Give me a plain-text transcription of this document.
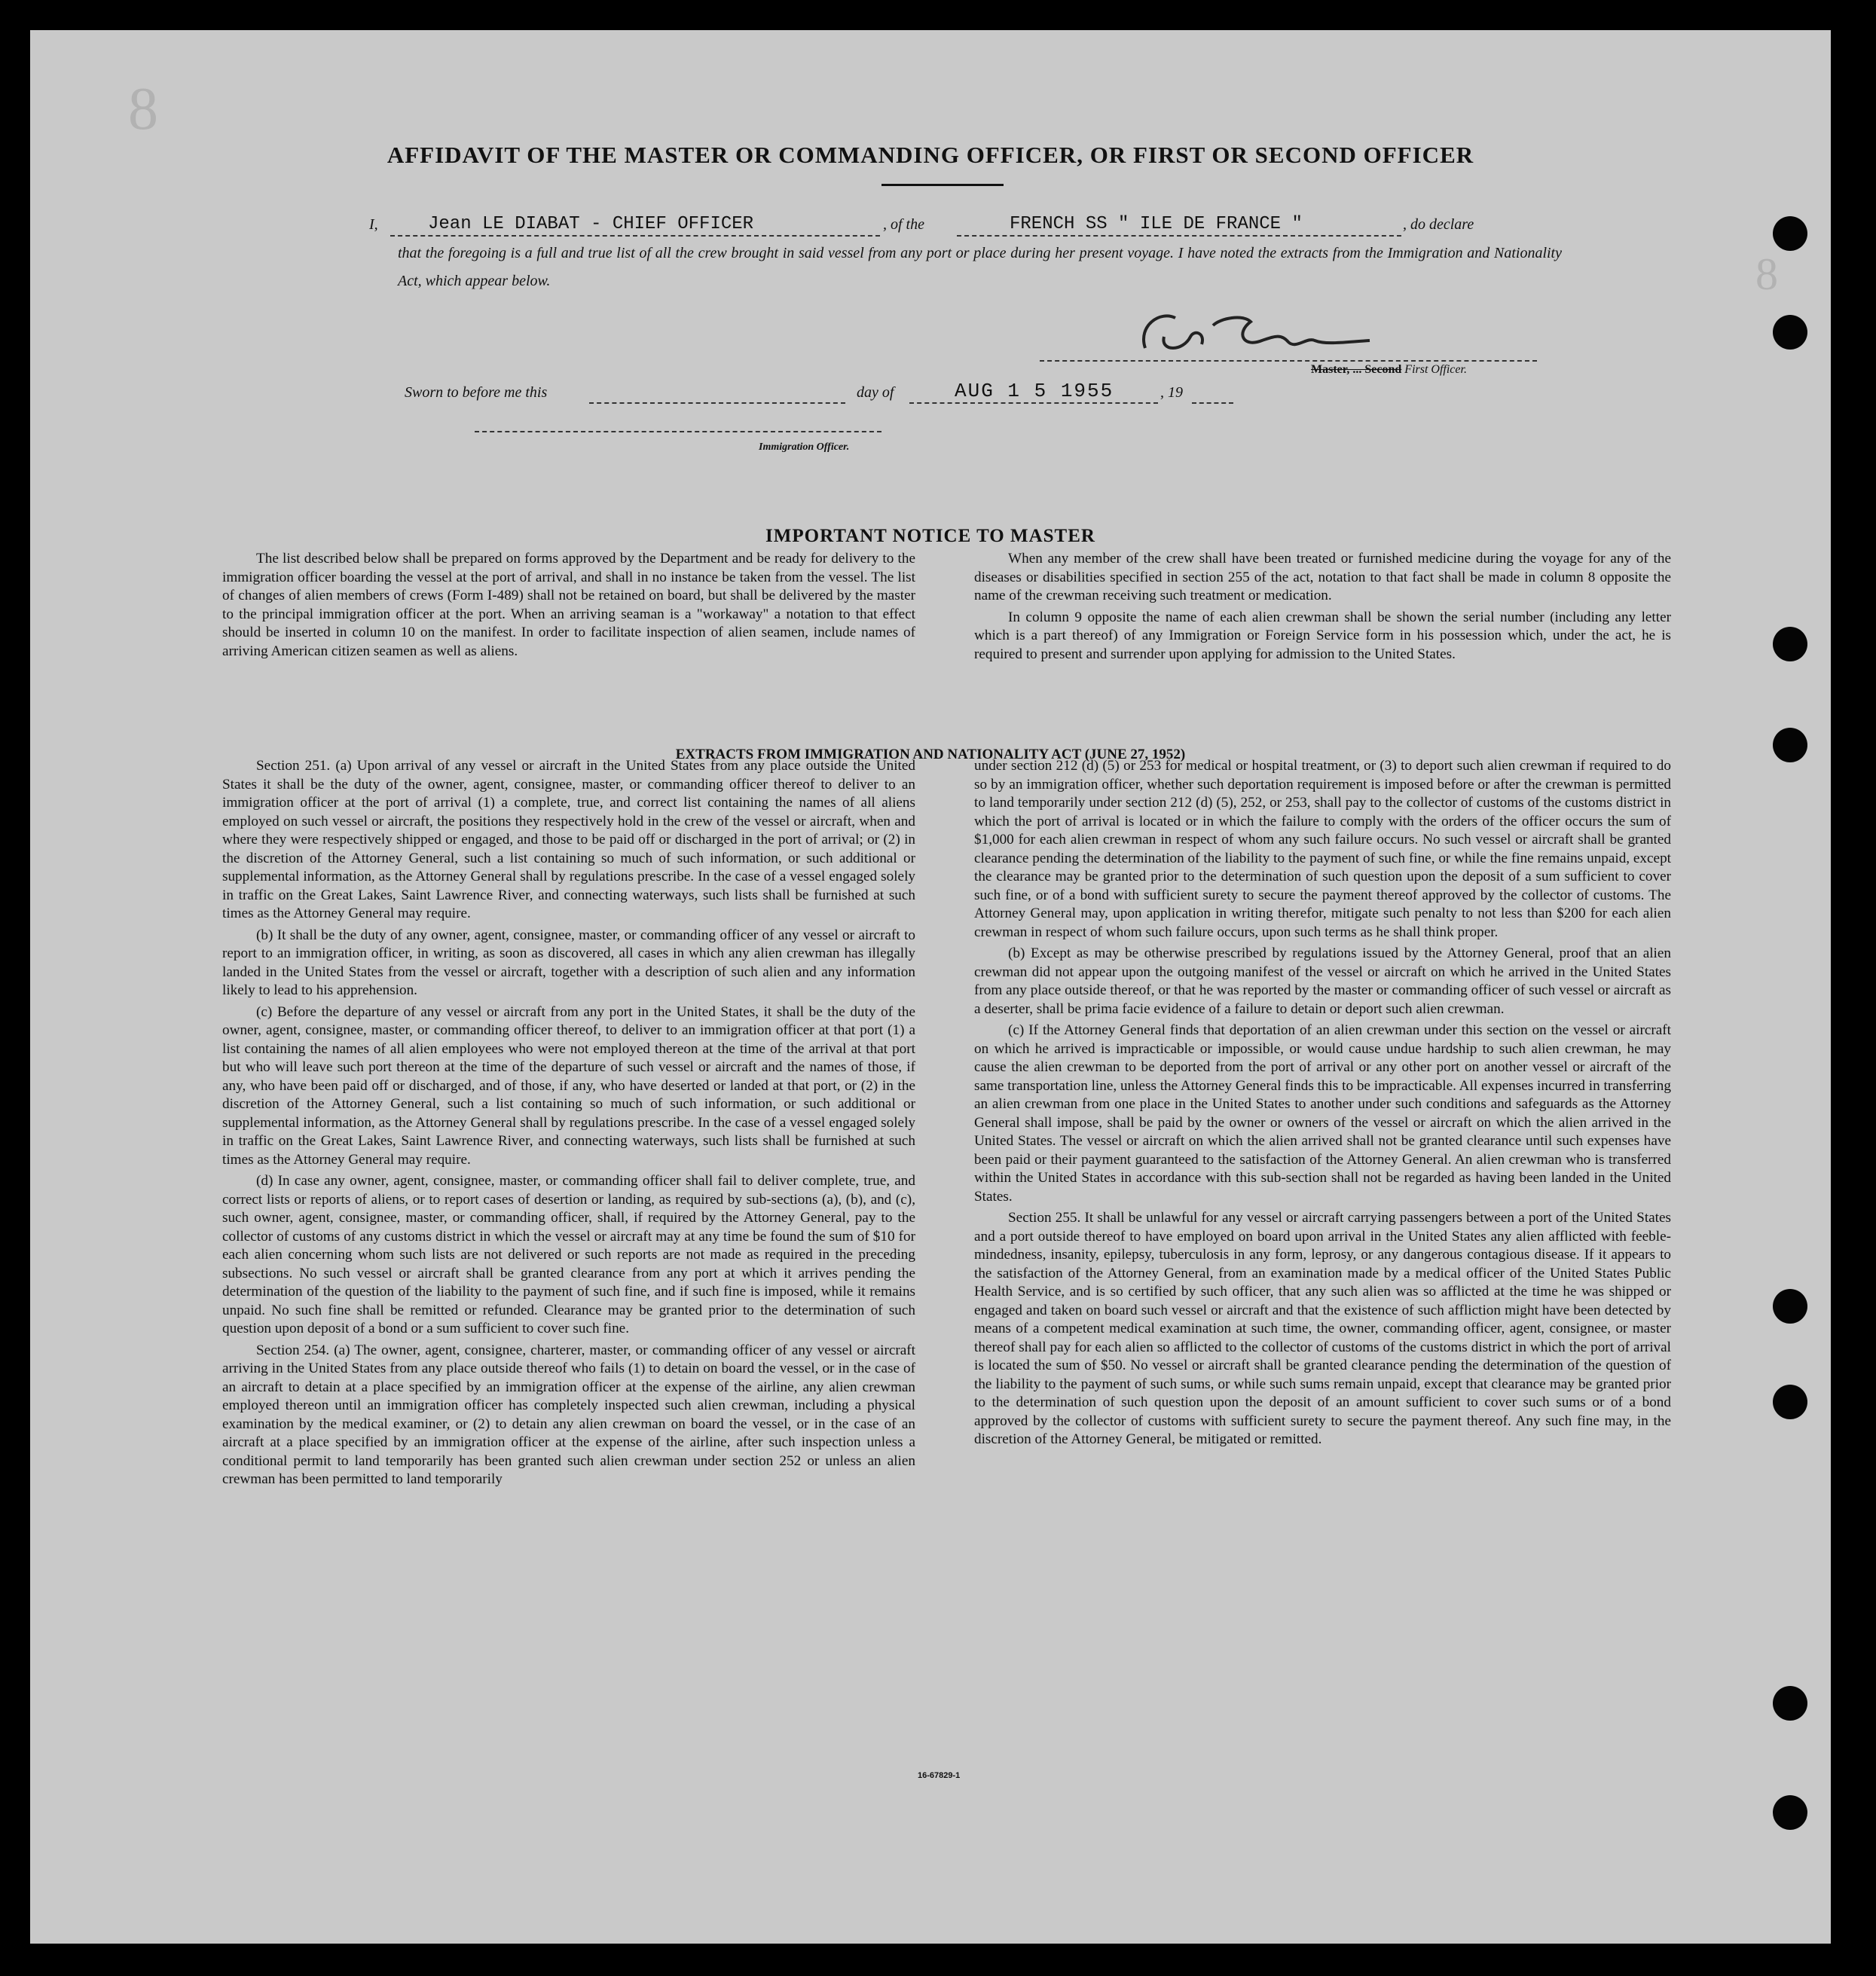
8
8
AFFIDAVIT OF THE MASTER OR COMMANDING OFFICER, OR FIRST OR SECOND OFFICER
I,	Jean LE DIABAT - CHIEF OFFICER	, of the	FRENCH SS " ILE DE FRANCE "	, do declare
that the foregoing is a full and true list of all the crew brought in said vessel from any port or place during her present voyage. I have noted the extracts from the Immigration and Nationality Act, which appear below.
Master, ... Second First Officer.
Sworn to before me this	day of	AUG 1 5 1955	, 19
Immigration Officer.
IMPORTANT NOTICE TO MASTER

The list described below shall be prepared on forms approved by the Department and be ready for delivery to the immigration officer boarding the vessel at the port of arrival, and shall in no instance be taken from the vessel. The list of changes of alien members of crews (Form I-489) shall not be retained on board, but shall be delivered by the master to the principal immigration officer at the port. When an arriving seaman is a "workaway" a notation to that effect should be inserted in column 10 on the manifest. In order to facilitate inspection of alien seamen, include names of arriving American citizen seamen as well as aliens.

When any member of the crew shall have been treated or furnished medicine during the voyage for any of the diseases or disabilities specified in section 255 of the act, notation to that fact shall be made in column 8 opposite the name of the crewman receiving such treatment or medication.

In column 9 opposite the name of each alien crewman shall be shown the serial number (including any letter which is a part thereof) of any Immigration or Foreign Service form in his possession which, under the act, he is required to present and surrender upon applying for admission to the United States.

EXTRACTS FROM IMMIGRATION AND NATIONALITY ACT (JUNE 27, 1952)

Section 251. (a) Upon arrival of any vessel or aircraft in the United States from any place outside the United States it shall be the duty of the owner, agent, consignee, master, or commanding officer thereof to deliver to an immigration officer at the port of arrival (1) a complete, true, and correct list containing the names of all aliens employed on such vessel or aircraft, the positions they respectively hold in the crew of the vessel or aircraft, when and where they were respectively shipped or engaged, and those to be paid off or discharged in the port of arrival; or (2) in the discretion of the Attorney General, such a list containing so much of such information, or such additional or supplemental information, as the Attorney General shall by regulations prescribe. In the case of a vessel engaged solely in traffic on the Great Lakes, Saint Lawrence River, and connecting waterways, such lists shall be furnished at such times as the Attorney General may require.

(b) It shall be the duty of any owner, agent, consignee, master, or commanding officer of any vessel or aircraft to report to an immigration officer, in writing, as soon as discovered, all cases in which any alien crewman has illegally landed in the United States from the vessel or aircraft, together with a description of such alien and any information likely to lead to his apprehension.

(c) Before the departure of any vessel or aircraft from any port in the United States, it shall be the duty of the owner, agent, consignee, master, or commanding officer thereof, to deliver to an immigration officer at that port (1) a list containing the names of all alien employees who were not employed thereon at the time of the arrival at that port but who will leave such port thereon at the time of the departure of such vessel or aircraft and the names of those, if any, who have been paid off or discharged, and of those, if any, who have deserted or landed at that port, or (2) in the discretion of the Attorney General, such a list containing so much of such information, or such additional or supplemental information, as the Attorney General shall by regulations prescribe. In the case of a vessel engaged solely in traffic on the Great Lakes, Saint Lawrence River, and connecting waterways, such lists shall be furnished at such times as the Attorney General may require.

(d) In case any owner, agent, consignee, master, or commanding officer shall fail to deliver complete, true, and correct lists or reports of aliens, or to report cases of desertion or landing, as required by sub-sections (a), (b), and (c), such owner, agent, consignee, master, or commanding officer, shall, if required by the Attorney General, pay to the collector of customs of any customs district in which the vessel or aircraft may at any time be found the sum of $10 for each alien concerning whom such lists are not delivered or such reports are not made as required in the preceding subsections. No such vessel or aircraft shall be granted clearance from any port at which it arrives pending the determination of the question of the liability to the payment of such fine, and if such fine is imposed, while it remains unpaid. No such fine shall be remitted or refunded. Clearance may be granted prior to the determination of such question upon deposit of a bond or a sum sufficient to cover such fine.

Section 254. (a) The owner, agent, consignee, charterer, master, or commanding officer of any vessel or aircraft arriving in the United States from any place outside thereof who fails (1) to detain on board the vessel, or in the case of an aircraft to detain at a place specified by an immigration officer at the expense of the airline, any alien crewman employed thereon until an immigration officer has completely inspected such alien crewman, including a physical examination by the medical examiner, or (2) to detain any alien crewman on board the vessel, or in the case of an aircraft at a place specified by an immigration officer at the expense of the airline, after such inspection unless a conditional permit to land temporarily has been granted such alien crewman under section 252 or unless an alien crewman has been permitted to land temporarily

under section 212 (d) (5) or 253 for medical or hospital treatment, or (3) to deport such alien crewman if required to do so by an immigration officer, whether such deportation requirement is imposed before or after the crewman is permitted to land temporarily under section 212 (d) (5), 252, or 253, shall pay to the collector of customs of the customs district in which the port of arrival is located or in which the failure to comply with the orders of the officer occurs the sum of $1,000 for each alien crewman in respect of whom any such failure occurs. No such vessel or aircraft shall be granted clearance pending the determination of the liability to the payment of such fine, or while the fine remains unpaid, except the clearance may be granted prior to the determination of such question upon the deposit of a sum sufficient to cover such fine, or of a bond with sufficient surety to secure the payment thereof approved by the collector of customs. The Attorney General may, upon application in writing therefor, mitigate such penalty to not less than $200 for each alien crewman in respect of whom such failure occurs, upon such terms as he shall think proper.

(b) Except as may be otherwise prescribed by regulations issued by the Attorney General, proof that an alien crewman did not appear upon the outgoing manifest of the vessel or aircraft on which he arrived in the United States from any place outside thereof, or that he was reported by the master or commanding officer of such vessel or aircraft as a deserter, shall be prima facie evidence of a failure to detain or deport such alien crewman.

(c) If the Attorney General finds that deportation of an alien crewman under this section on the vessel or aircraft on which he arrived is impracticable or impossible, or would cause undue hardship to such alien crewman, he may cause the alien crewman to be deported from the port of arrival or any other port on another vessel or aircraft of the same transportation line, unless the Attorney General finds this to be impracticable. All expenses incurred in transferring an alien crewman from one place in the United States to another under such conditions and safeguards as the Attorney General shall impose, shall be paid by the owner or owners of the vessel or aircraft on which the alien arrived in the United States. The vessel or aircraft on which the alien arrived shall not be granted clearance until such expenses have been paid or their payment guaranteed to the satisfaction of the Attorney General. An alien crewman who is transferred within the United States in accordance with this sub-section shall not be regarded as having been landed in the United States.

Section 255. It shall be unlawful for any vessel or aircraft carrying passengers between a port of the United States and a port outside thereof to have employed on board upon arrival in the United States any alien afflicted with feeble-mindedness, insanity, epilepsy, tuberculosis in any form, leprosy, or any dangerous contagious disease. If it appears to the satisfaction of the Attorney General, from an examination made by a medical officer of the United States Public Health Service, and is so certified by such officer, that any such alien was so afflicted at the time he was shipped or engaged and taken on board such vessel or aircraft and that the existence of such affliction might have been detected by means of a competent medical examination at such time, the owner, commanding officer, agent, consignee, or master thereof shall pay for each alien so afflicted to the collector of customs of the customs district in which the port of arrival is located the sum of $50. No vessel or aircraft shall be granted clearance pending the determination of the question of the liability to the payment of such sums, or while such sums remain unpaid, except that clearance may be granted prior to the determination of such question upon the deposit of an amount sufficient to cover such sums or of a bond approved by the collector of customs with sufficient surety to secure the payment thereof. Any such fine may, in the discretion of the Attorney General, be mitigated or remitted.

16-67829-1
